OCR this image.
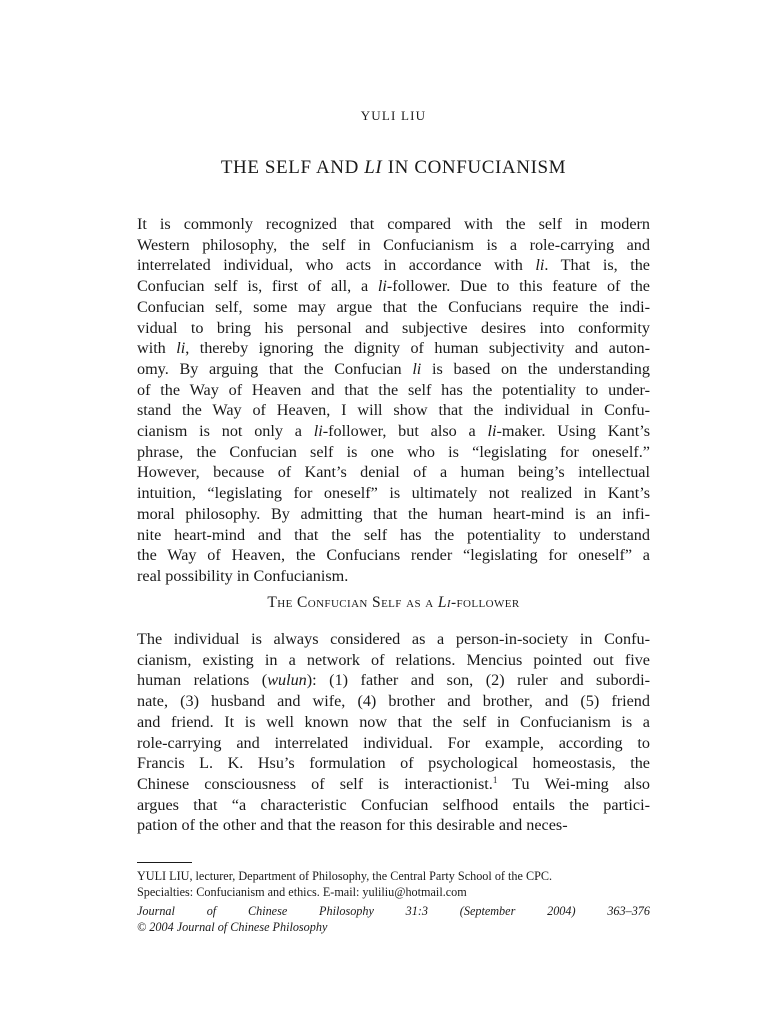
YULI LIU
THE SELF AND LI IN CONFUCIANISM
It is commonly recognized that compared with the self in modern
Western philosophy, the self in Confucianism is a role-carrying and
interrelated individual, who acts in accordance with li. That is, the
Confucian self is, first of all, a li-follower. Due to this feature of the
Confucian self, some may argue that the Confucians require the indi-
vidual to bring his personal and subjective desires into conformity
with li, thereby ignoring the dignity of human subjectivity and auton-
omy. By arguing that the Confucian li is based on the understanding
of the Way of Heaven and that the self has the potentiality to under-
stand the Way of Heaven, I will show that the individual in Confu-
cianism is not only a li-follower, but also a li-maker. Using Kant’s
phrase, the Confucian self is one who is “legislating for oneself.”
However, because of Kant’s denial of a human being’s intellectual
intuition, “legislating for oneself” is ultimately not realized in Kant’s
moral philosophy. By admitting that the human heart-mind is an infi-
nite heart-mind and that the self has the potentiality to understand
the Way of Heaven, the Confucians render “legislating for oneself” a
real possibility in Confucianism.
The Confucian Self as a Li-follower
The individual is always considered as a person-in-society in Confu-
cianism, existing in a network of relations. Mencius pointed out five
human relations (wulun): (1) father and son, (2) ruler and subordi-
nate, (3) husband and wife, (4) brother and brother, and (5) friend
and friend. It is well known now that the self in Confucianism is a
role-carrying and interrelated individual. For example, according to
Francis L. K. Hsu’s formulation of psychological homeostasis, the
Chinese consciousness of self is interactionist.$^1$ Tu Wei-ming also
argues that “a characteristic Confucian selfhood entails the partici-
pation of the other and that the reason for this desirable and neces-
YULI LIU, lecturer, Department of Philosophy, the Central Party School of the CPC.
Specialties: Confucianism and ethics. E-mail: yuliliu@hotmail.com
Journal of Chinese Philosophy 31:3 (September 2004) 363–376
© 2004 Journal of Chinese Philosophy
